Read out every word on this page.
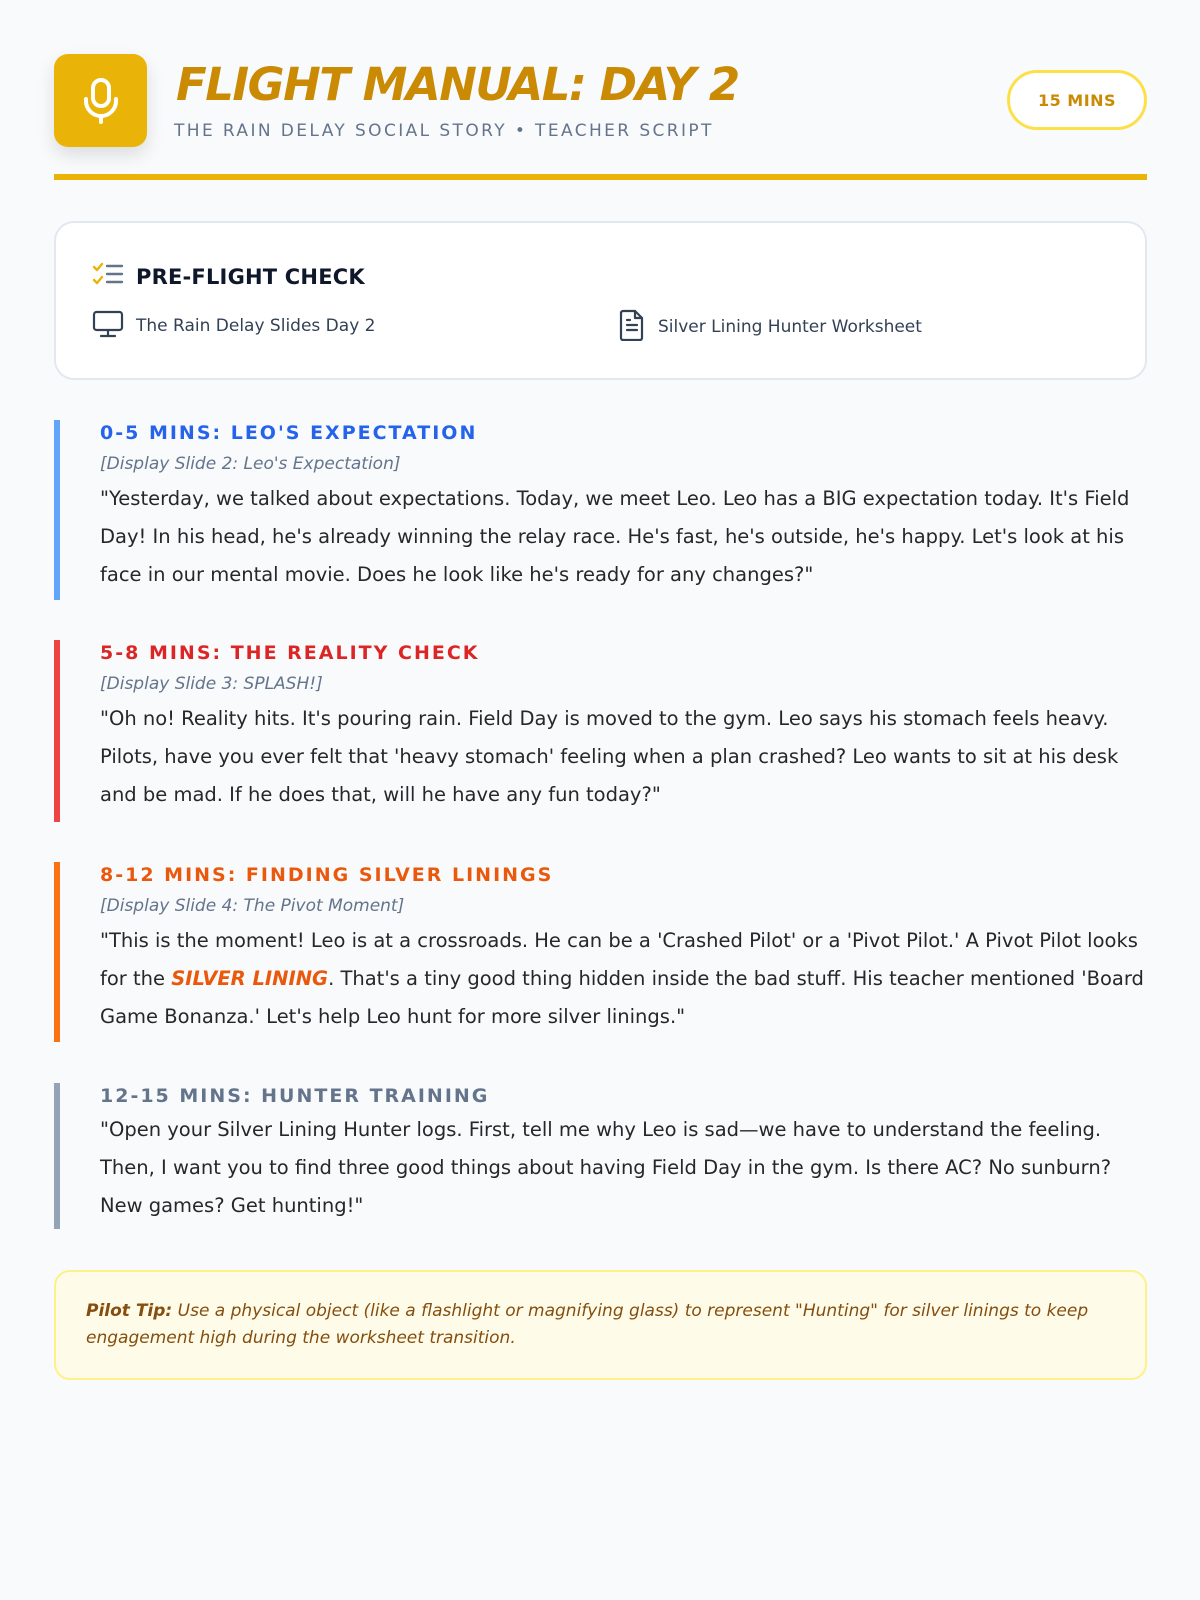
FLIGHT MANUAL: DAY 2
THE RAIN DELAY SOCIAL STORY • TEACHER SCRIPT
15 MINS
PRE-FLIGHT CHECK
The Rain Delay Slides Day 2	Silver Lining Hunter Worksheet
0-5 MINS: LEO'S EXPECTATION
[Display Slide 2: Leo's Expectation]
"Yesterday, we talked about expectations. Today, we meet Leo. Leo has a BIG expectation today. It's Field Day! In his head, he's already winning the relay race. He's fast, he's outside, he's happy. Let's look at his face in our mental movie. Does he look like he's ready for any changes?"
5-8 MINS: THE REALITY CHECK
[Display Slide 3: SPLASH!]
"Oh no! Reality hits. It's pouring rain. Field Day is moved to the gym. Leo says his stomach feels heavy. Pilots, have you ever felt that 'heavy stomach' feeling when a plan crashed? Leo wants to sit at his desk and be mad. If he does that, will he have any fun today?"
8-12 MINS: FINDING SILVER LININGS
[Display Slide 4: The Pivot Moment]
"This is the moment! Leo is at a crossroads. He can be a 'Crashed Pilot' or a 'Pivot Pilot.' A Pivot Pilot looks for the SILVER LINING. That's a tiny good thing hidden inside the bad stuff. His teacher mentioned 'Board Game Bonanza.' Let's help Leo hunt for more silver linings."
12-15 MINS: HUNTER TRAINING
"Open your Silver Lining Hunter logs. First, tell me why Leo is sad—we have to understand the feeling. Then, I want you to find three good things about having Field Day in the gym. Is there AC? No sunburn? New games? Get hunting!"
Pilot Tip: Use a physical object (like a flashlight or magnifying glass) to represent "Hunting" for silver linings to keep engagement high during the worksheet transition.
